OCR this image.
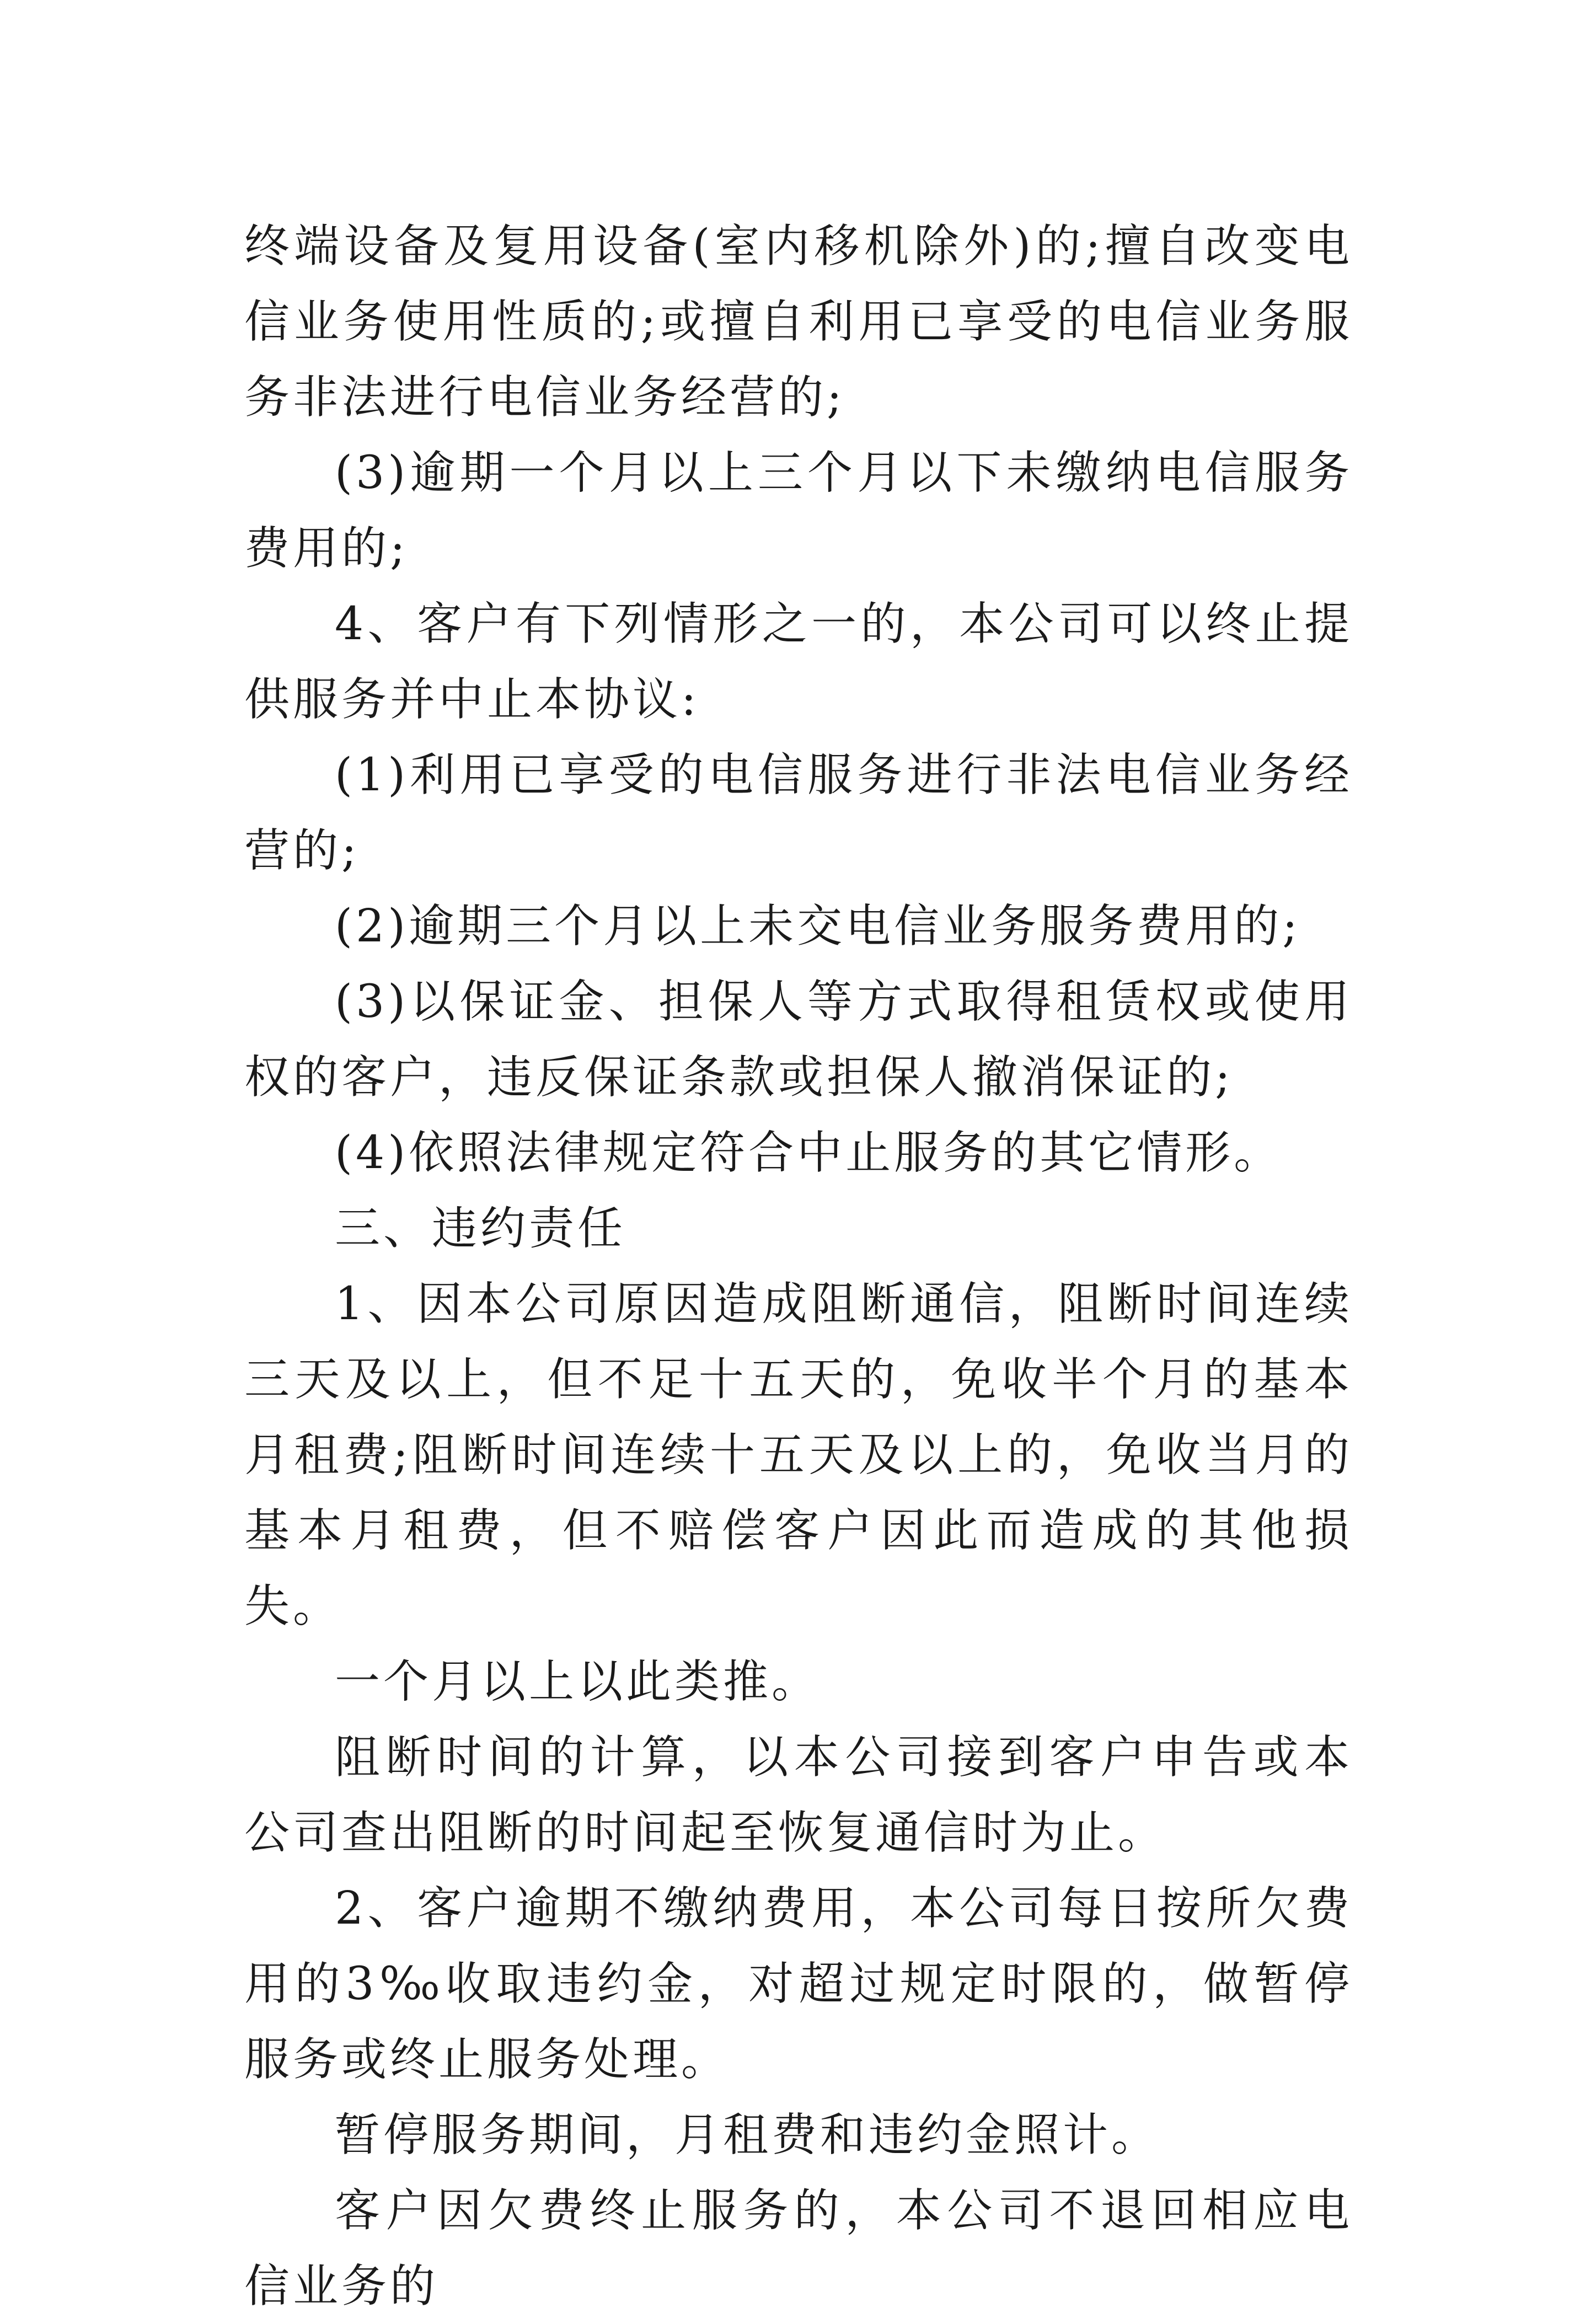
终端设备及复用设备(室内移机除外)的;擅自改变电信业务使用性质的;或擅自利用已享受的电信业务服务非法进行电信业务经营的;

(3)逾期一个月以上三个月以下未缴纳电信服务费用的;

4、客户有下列情形之一的，本公司可以终止提供服务并中止本协议:

(1)利用已享受的电信服务进行非法电信业务经营的;

(2)逾期三个月以上未交电信业务服务费用的;

(3)以保证金、担保人等方式取得租赁权或使用权的客户，违反保证条款或担保人撤消保证的;

(4)依照法律规定符合中止服务的其它情形。

三、违约责任

1、因本公司原因造成阻断通信，阻断时间连续三天及以上，但不足十五天的，免收半个月的基本月租费;阻断时间连续十五天及以上的，免收当月的基本月租费，但不赔偿客户因此而造成的其他损失。

一个月以上以此类推。

阻断时间的计算，以本公司接到客户申告或本公司查出阻断的时间起至恢复通信时为止。

2、客户逾期不缴纳费用，本公司每日按所欠费用的3‰收取违约金，对超过规定时限的，做暂停服务或终止服务处理。

暂停服务期间，月租费和违约金照计。

客户因欠费终止服务的，本公司不退回相应电信业务的
